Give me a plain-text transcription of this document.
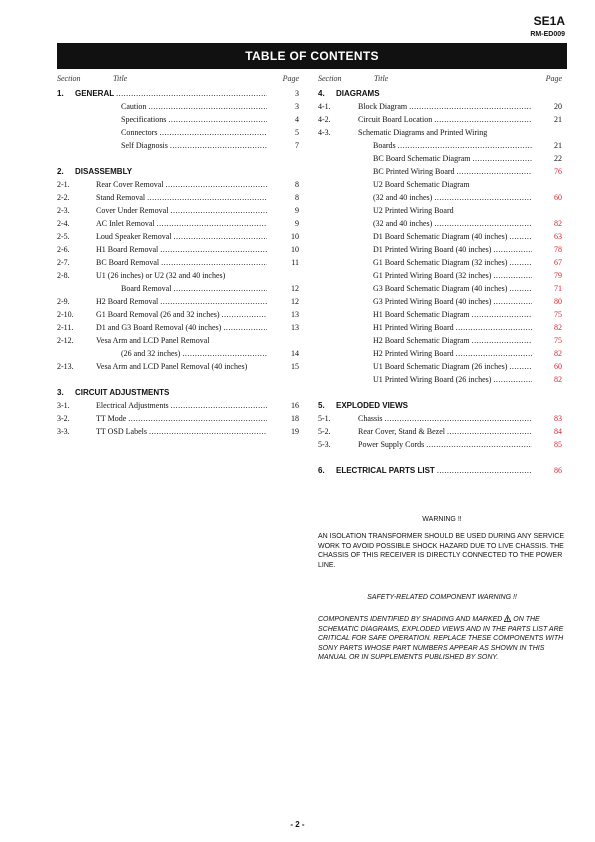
SE1A
RM-ED009
TABLE OF CONTENTS
Section	Title	Page Section	Title	Page
1. GENERAL .....	3
Caution .....	3
Specifications .....	4
Connectors .....	5
Self Diagnosis .....	7
2. DISASSEMBLY
2-1.	Rear Cover Removal .....	8
2-2.	Stand Removal .....	8
2-3.	Cover Under Removal .....	9
2-4.	AC Inlet Removal .....	9
2-5.	Loud Speaker Removal .....	10
2-6.	H1 Board Removal .....	10
2-7.	BC Board Removal .....	11
2-8.	U1 (26 inches) or U2 (32 and 40 inches)
Board Removal .....	12
2-9.	H2 Board Removal .....	12
2-10.	G1 Board Removal (26 and 32 inches) .....	13
2-11.	D1 and G3 Board Removal (40 inches) .....	13
2-12.	Vesa Arm and LCD Panel Removal
(26 and 32 inches) .....	14
2-13.	Vesa Arm and LCD Panel Removal (40 inches)	15
3. CIRCUIT ADJUSTMENTS
3-1.	Electrical Adjustments .....	16
3-2.	TT Mode .....	18
3-3.	TT OSD Labels .....	19
4. DIAGRAMS
4-1.	Block Diagram .....	20
4-2.	Circuit Board Location .....	21
4-3.	Schematic Diagrams and Printed Wiring
Boards .....	21
BC Board Schematic Diagram .....	22
BC Printed Wiring Board .....	76
U2 Board Schematic Diagram
(32 and 40 inches) .....	60
U2 Printed Wiring Board
(32 and 40 inches) .....	82
D1 Board Schematic Diagram (40 inches) .....	63
D1 Printed Wiring Board (40 inches) .....	78
G1 Board Schematic Diagram (32 inches) .....	67
G1 Printed Wiring Board (32 inches) .....	79
G3 Board Schematic Diagram (40 inches) .....	71
G3 Printed Wiring Board (40 inches) .....	80
H1 Board Schematic Diagram .....	75
H1 Printed Wiring Board .....	82
H2 Board Schematic Diagram .....	75
H2 Printed Wiring Board .....	82
U1 Board Schematic Diagram (26 inches) .....	60
U1 Printed Wiring Board (26 inches) .....	82
5. EXPLODED VIEWS
5-1.	Chassis .....	83
5-2.	Rear Cover, Stand & Bezel .....	84
5-3.	Power Supply Cords .....	85
6. ELECTRICAL PARTS LIST .....	86
WARNING !!
AN ISOLATION TRANSFORMER SHOULD BE USED DURING ANY SERVICE WORK TO AVOID POSSIBLE SHOCK HAZARD DUE TO LIVE CHASSIS. THE CHASSIS OF THIS RECEIVER IS DIRECTLY CONNECTED TO THE POWER LINE.
SAFETY-RELATED COMPONENT WARNING !!
COMPONENTS IDENTIFIED BY SHADING AND MARKED  ON THE SCHEMATIC DIAGRAMS, EXPLODED VIEWS AND IN THE PARTS LIST ARE CRITICAL FOR SAFE OPERATION. REPLACE THESE COMPONENTS WITH SONY PARTS WHOSE PART NUMBERS APPEAR AS SHOWN IN THIS MANUAL OR IN SUPPLEMENTS PUBLISHED BY SONY.
- 2 -
